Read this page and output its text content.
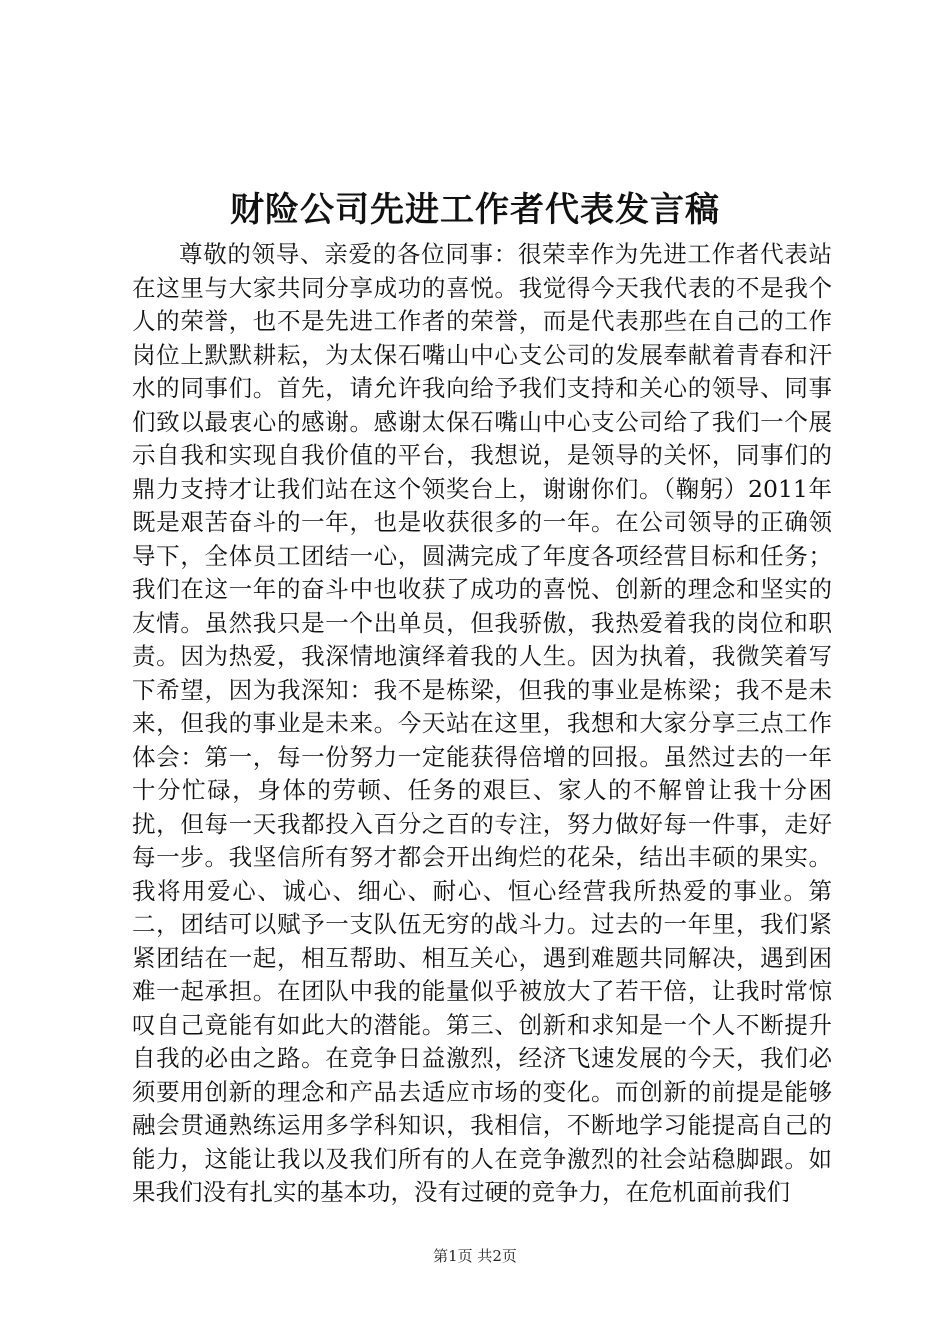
财险公司先进工作者代表发言稿

尊敬的领导、亲爱的各位同事：很荣幸作为先进工作者代表站在这里与大家共同分享成功的喜悦。我觉得今天我代表的不是我个人的荣誉，也不是先进工作者的荣誉，而是代表那些在自己的工作岗位上默默耕耘，为太保石嘴山中心支公司的发展奉献着青春和汗水的同事们。首先，请允许我向给予我们支持和关心的领导、同事们致以最衷心的感谢。感谢太保石嘴山中心支公司给了我们一个展示自我和实现自我价值的平台，我想说，是领导的关怀，同事们的鼎力支持才让我们站在这个领奖台上，谢谢你们。（鞠躬）2011年既是艰苦奋斗的一年，也是收获很多的一年。在公司领导的正确领导下，全体员工团结一心，圆满完成了年度各项经营目标和任务；我们在这一年的奋斗中也收获了成功的喜悦、创新的理念和坚实的友情。虽然我只是一个出单员，但我骄傲，我热爱着我的岗位和职责。因为热爱，我深情地演绎着我的人生。因为执着，我微笑着写下希望，因为我深知：我不是栋梁，但我的事业是栋梁；我不是未来，但我的事业是未来。今天站在这里，我想和大家分享三点工作体会：第一，每一份努力一定能获得倍增的回报。虽然过去的一年十分忙碌，身体的劳顿、任务的艰巨、家人的不解曾让我十分困扰，但每一天我都投入百分之百的专注，努力做好每一件事，走好每一步。我坚信所有努才都会开出绚烂的花朵，结出丰硕的果实。我将用爱心、诚心、细心、耐心、恒心经营我所热爱的事业。第二，团结可以赋予一支队伍无穷的战斗力。过去的一年里，我们紧紧团结在一起，相互帮助、相互关心，遇到难题共同解决，遇到困难一起承担。在团队中我的能量似乎被放大了若干倍，让我时常惊叹自己竟能有如此大的潜能。第三、创新和求知是一个人不断提升自我的必由之路。在竞争日益激烈，经济飞速发展的今天，我们必须要用创新的理念和产品去适应市场的变化。而创新的前提是能够融会贯通熟练运用多学科知识，我相信，不断地学习能提高自己的能力，这能让我以及我们所有的人在竞争激烈的社会站稳脚跟。如果我们没有扎实的基本功，没有过硬的竞争力，在危机面前我们

第1页 共2页
